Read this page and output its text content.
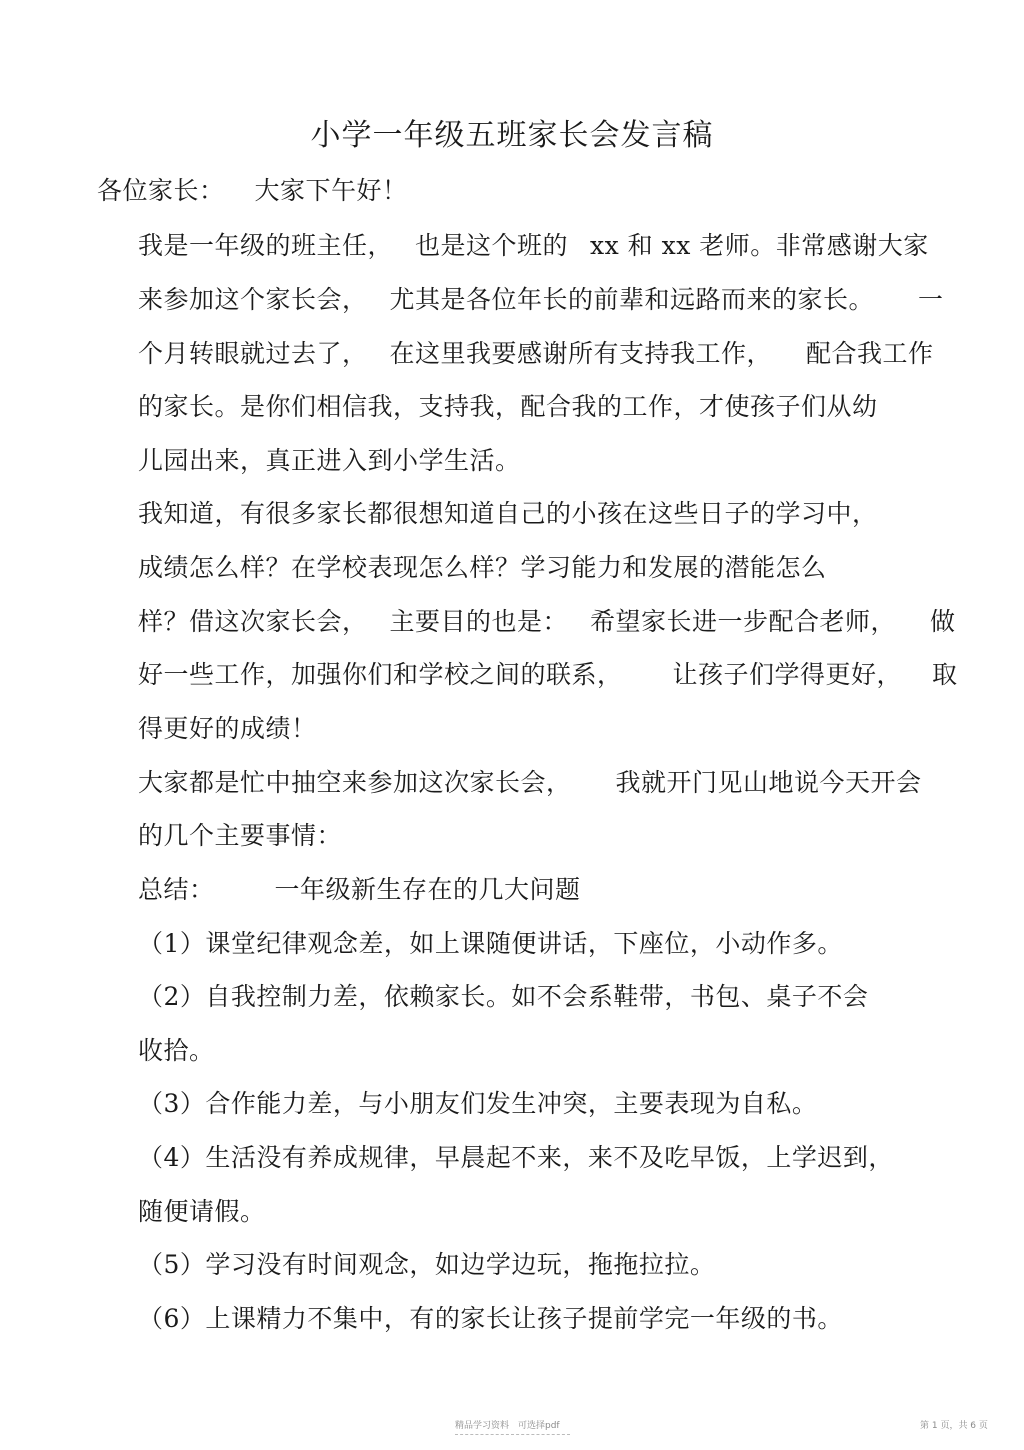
小学一年级五班家长会发言稿
各位家长： 大家下午好！
我是一年级的班主任， 也是这个班的 xx 和 xx 老师。非常感谢大家
来参加这个家长会， 尤其是各位年长的前辈和远路而来的家长。 一
个月转眼就过去了， 在这里我要感谢所有支持我工作， 配合我工作
的家长。是你们相信我，支持我，配合我的工作，才使孩子们从幼
儿园出来，真正进入到小学生活。
我知道，有很多家长都很想知道自己的小孩在这些日子的学习中，
成绩怎么样？在学校表现怎么样？学习能力和发展的潜能怎么
样？借这次家长会， 主要目的也是： 希望家长进一步配合老师， 做
好一些工作，加强你们和学校之间的联系， 让孩子们学得更好， 取
得更好的成绩！
大家都是忙中抽空来参加这次家长会， 我就开门见山地说今天开会
的几个主要事情：
总结： 一年级新生存在的几大问题
（1）课堂纪律观念差，如上课随便讲话，下座位，小动作多。
（2）自我控制力差，依赖家长。如不会系鞋带，书包、桌子不会
收拾。
（3）合作能力差，与小朋友们发生冲突，主要表现为自私。
（4）生活没有养成规律，早晨起不来，来不及吃早饭，上学迟到，
随便请假。
（5）学习没有时间观念，如边学边玩，拖拖拉拉。
（6）上课精力不集中，有的家长让孩子提前学完一年级的书。
精品学习资料　可选择pdf	第 1 页，共 6 页
